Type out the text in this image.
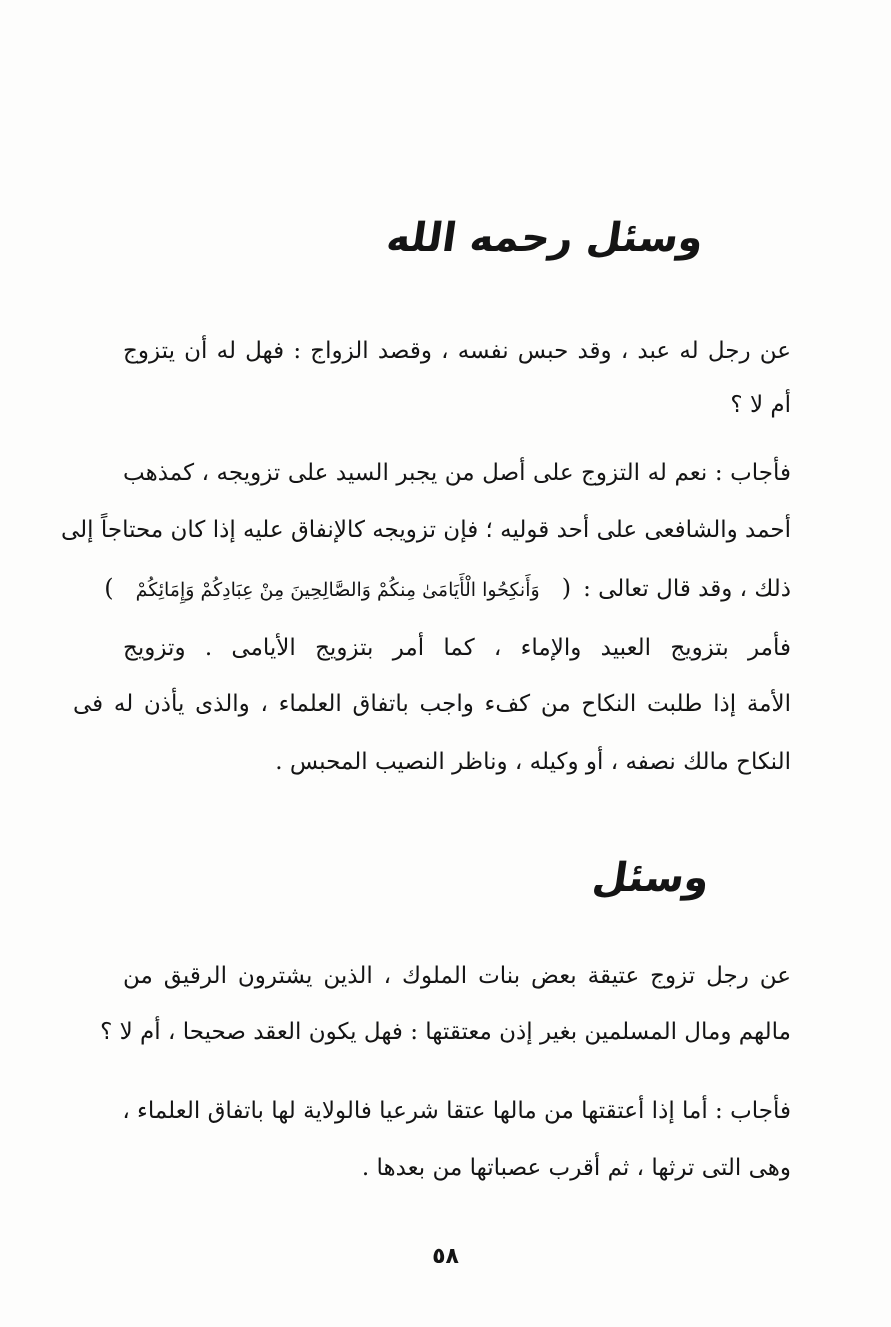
وسئل رحمه الله
عن رجل له عبد ، وقد حبس نفسه ، وقصد الزواج : فهل له أن يتزوج
أم لا ؟
فأجاب : نعم له التزوج على أصل من يجبر السيد على تزويجه ، كمذهب
أحمد والشافعى على أحد قوليه ؛ فإن تزويجه كالإنفاق عليه إذا كان محتاجاً إلى
ذلك ، وقد قال تعالى :
(
وَأَنكِحُوا الْأَيَامَىٰ مِنكُمْ وَالصَّالِحِينَ مِنْ عِبَادِكُمْ وَإِمَائِكُمْ
)
فأمر بتزويج العبيد والإماء ، كما أمر بتزويج الأيامى . وتزويج
الأمة إذا طلبت النكاح من كفء واجب باتفاق العلماء ، والذى يأذن له فى
النكاح مالك نصفه ، أو وكيله ، وناظر النصيب المحبس .
وسئل
عن رجل تزوج عتيقة بعض بنات الملوك ، الذين يشترون الرقيق من
مالهم ومال المسلمين بغير إذن معتقتها : فهل يكون العقد صحيحا ، أم لا ؟
فأجاب : أما إذا أعتقتها من مالها عتقا شرعيا فالولاية لها باتفاق العلماء ،
وهى التى ترثها ، ثم أقرب عصباتها من بعدها .
٥٨
